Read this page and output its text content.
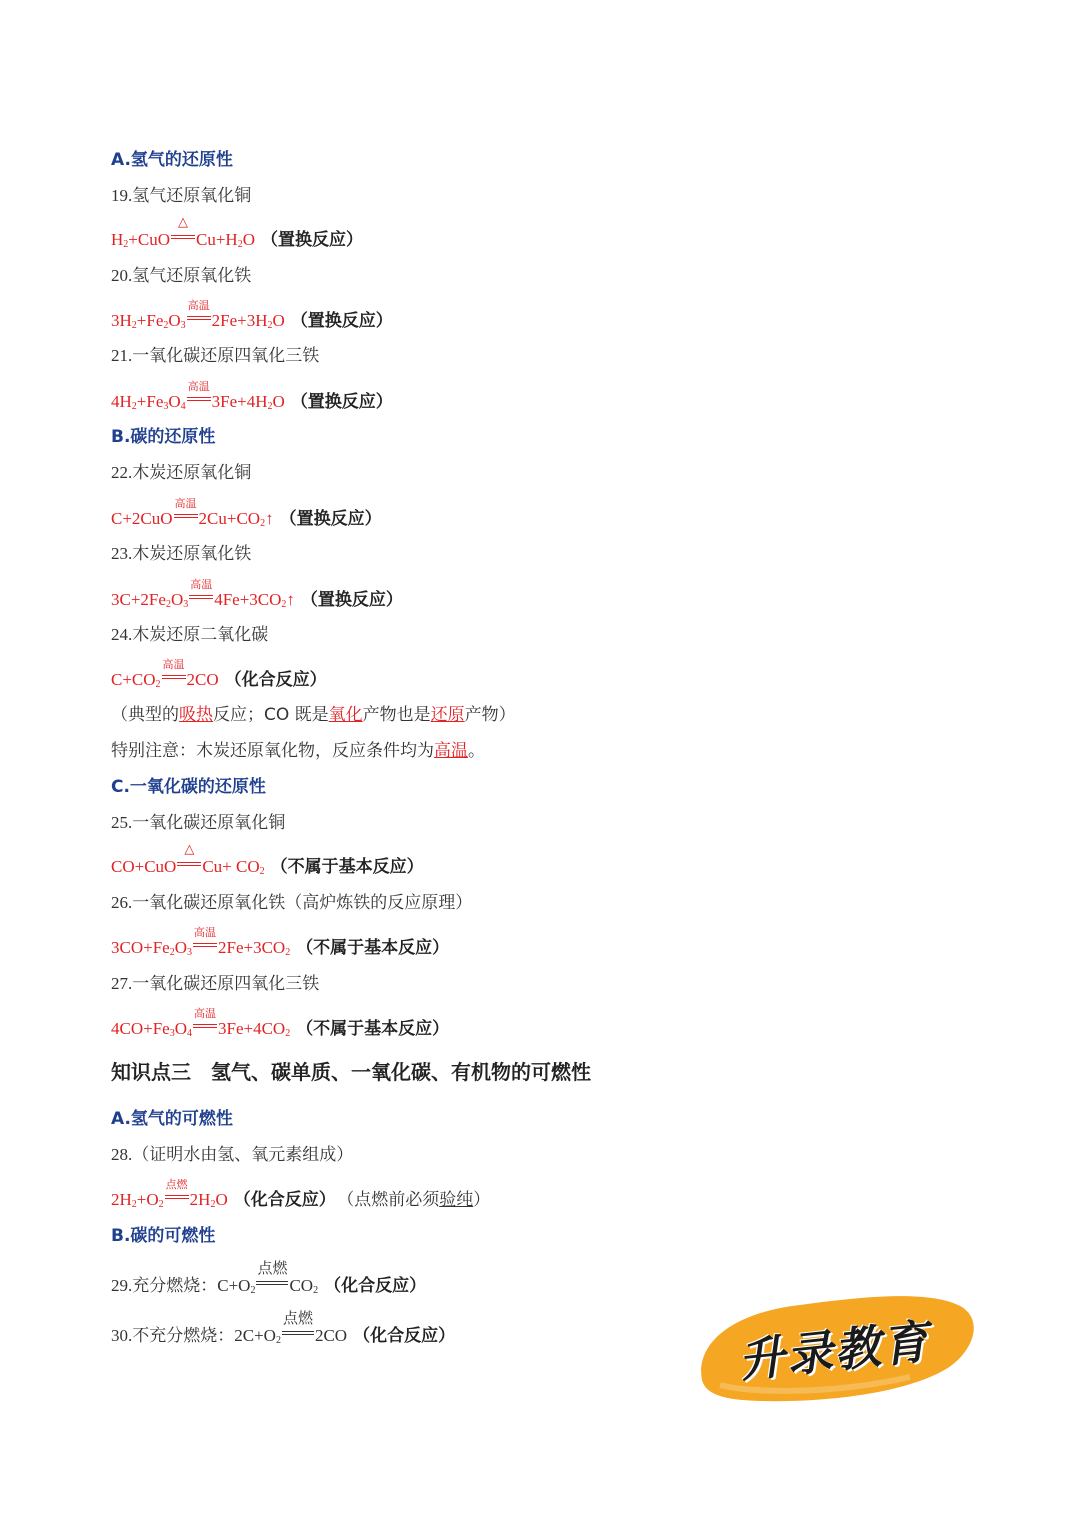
A.氢气的还原性
19.氢气还原氧化铜
$H_2+CuO$
△
$Cu+H_2O$ （置换反应）
20.氢气还原氧化铁
$3H_2+Fe_2O_3$
高温
$2Fe+3H_2O$ （置换反应）
21.一氧化碳还原四氧化三铁
$4H_2+Fe_3O_4$
高温
$3Fe+4H_2O$ （置换反应）
B.碳的还原性
22.木炭还原氧化铜
C+2CuO
高温
$2Cu+CO_2↑$ （置换反应）
23.木炭还原氧化铁
$3C+2Fe_2O_3$
高温
$4Fe+3CO_2↑$ （置换反应）
24.木炭还原二氧化碳
$C+CO_2$
高温
2CO （化合反应）
（典型的吸热反应；CO 既是氧化产物也是还原产物）
特别注意：木炭还原氧化物，反应条件均为高温。
C.一氧化碳的还原性
25.一氧化碳还原氧化铜
CO+CuO
△
$Cu+ CO_2$ （不属于基本反应）
26.一氧化碳还原氧化铁（高炉炼铁的反应原理）
$3CO+Fe_2O_3$
高温
$2Fe+3CO_2$ （不属于基本反应）
27.一氧化碳还原四氧化三铁
$4CO+Fe_3O_4$
高温
$3Fe+4CO_2$ （不属于基本反应）
知识点三　氢气、碳单质、一氧化碳、有机物的可燃性
A.氢气的可燃性
28.（证明水由氢、氧元素组成）
$2H_2+O_2$
点燃
$2H_2O$ （化合反应） （点燃前必须验纯）
B.碳的可燃性
29.充分燃烧：$C+O_2$
点燃
$CO_2$ （化合反应）
30.不充分燃烧：$2C+O_2$
点燃
2CO （化合反应）	升录教育
